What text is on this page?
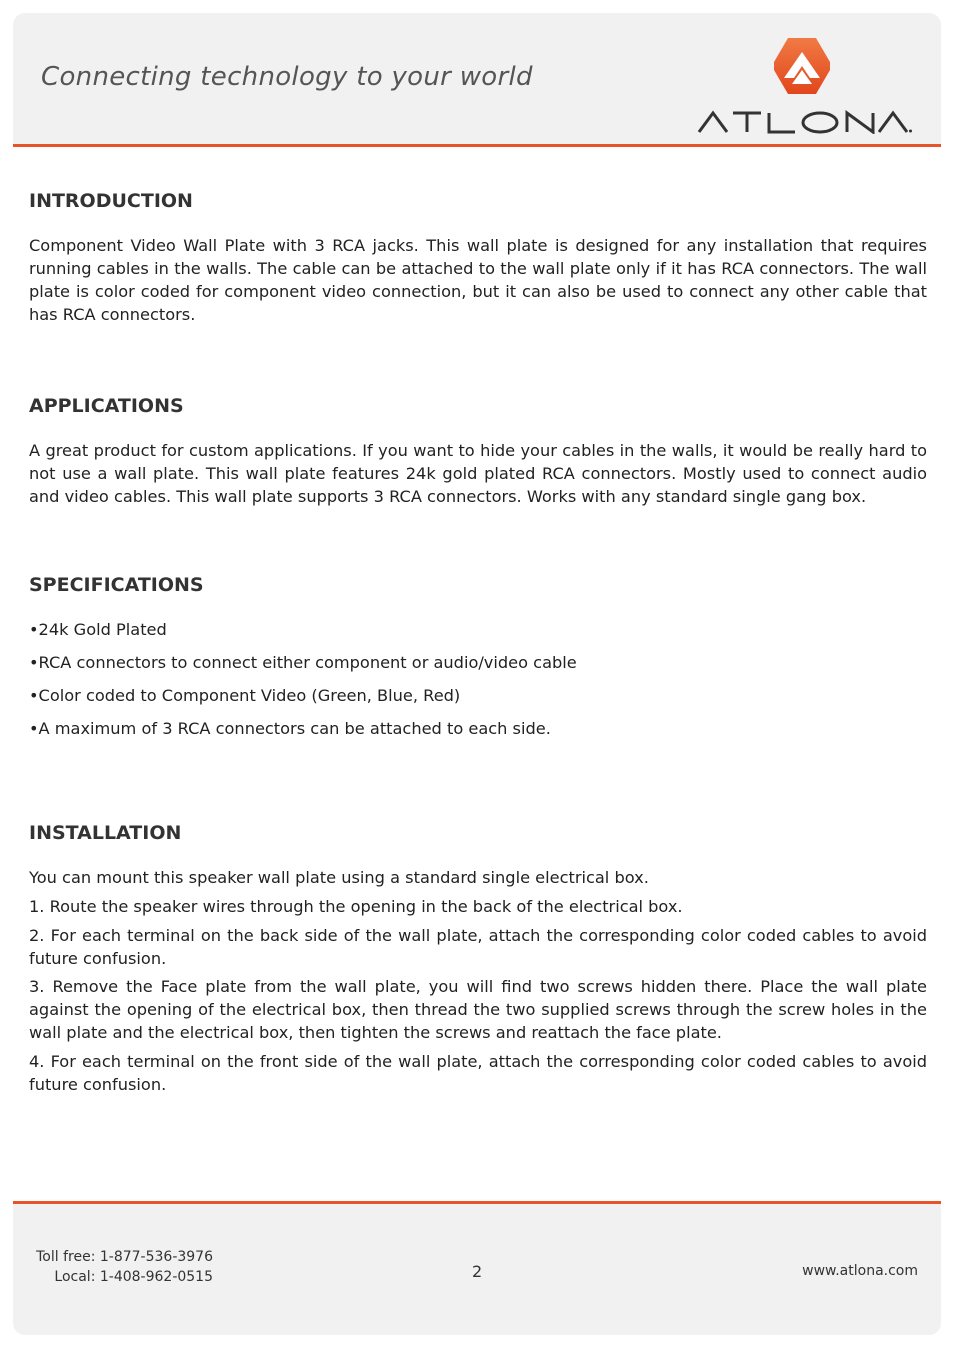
Connecting technology to your world
INTRODUCTION

Component Video Wall Plate with 3 RCA jacks. This wall plate is designed for any installation that requires running cables in the walls. The cable can be attached to the wall plate only if it has RCA connectors. The wall plate is color coded for component video connection, but it can also be used to connect any other cable that has RCA connectors.

APPLICATIONS

A great product for custom applications. If you want to hide your cables in the walls, it would be really hard to not use a wall plate. This wall plate features 24k gold plated RCA connectors. Mostly used to connect audio and video cables. This wall plate supports 3 RCA connectors. Works with any standard single gang box.

SPECIFICATIONS
•24k Gold Plated
•RCA connectors to connect either component or audio/video cable
•Color coded to Component Video (Green, Blue, Red)
•A maximum of 3 RCA connectors can be attached to each side.
INSTALLATION

You can mount this speaker wall plate using a standard single electrical box.

1. Route the speaker wires through the opening in the back of the electrical box.

2. For each terminal on the back side of the wall plate, attach the corresponding color coded cables to avoid future confusion.

3. Remove the Face plate from the wall plate, you will find two screws hidden there. Place the wall plate against the opening of the electrical box, then thread the two supplied screws through the screw holes in the wall plate and the electrical box, then tighten the screws and reattach the face plate.

4. For each terminal on the front side of the wall plate, attach the corresponding color coded cables to avoid future confusion.

Toll free: 1-877-536-3976
Local: 1-408-962-0515	2	www.atlona.com
